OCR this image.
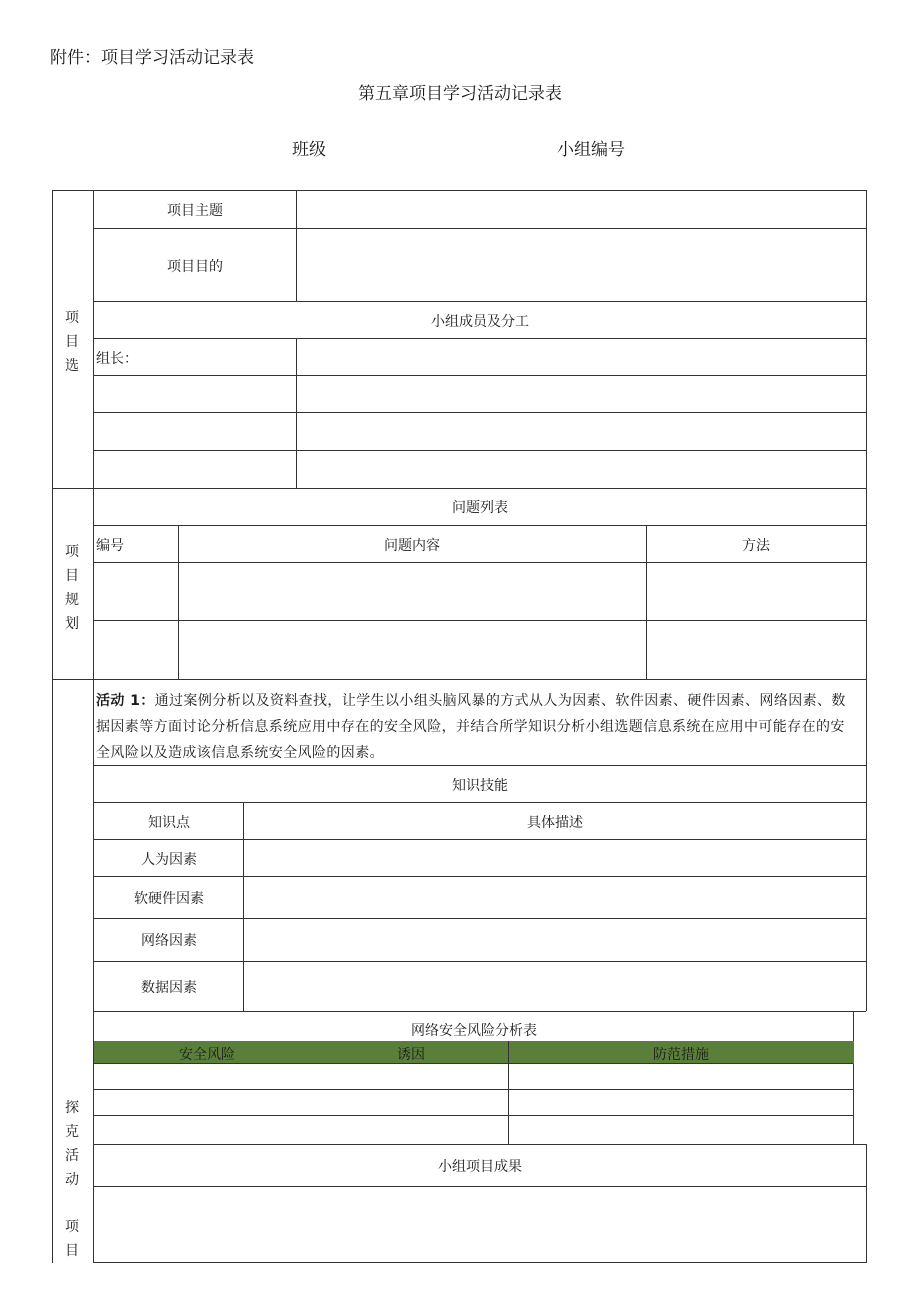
附件：项目学习活动记录表
第五章项目学习活动记录表
班级	小组编号
项
目
选
项目主题
项目目的
小组成员及分工
组长：
项
目
规
划
问题列表
编号	问题内容	方法
探
克
活
动
项
目
活动 1：通过案例分析以及资料查找，让学生以小组头脑风暴的方式从人为因素、软件因素、硬件因素、网络因素、数据因素等方面讨论分析信息系统应用中存在的安全风险，并结合所学知识分析小组选题信息系统在应用中可能存在的安全风险以及造成该信息系统安全风险的因素。
知识技能
知识点	具体描述
人为因素
软硬件因素
网络因素
数据因素
网络安全风险分析表
安全风险	诱因	防范措施
小组项目成果
